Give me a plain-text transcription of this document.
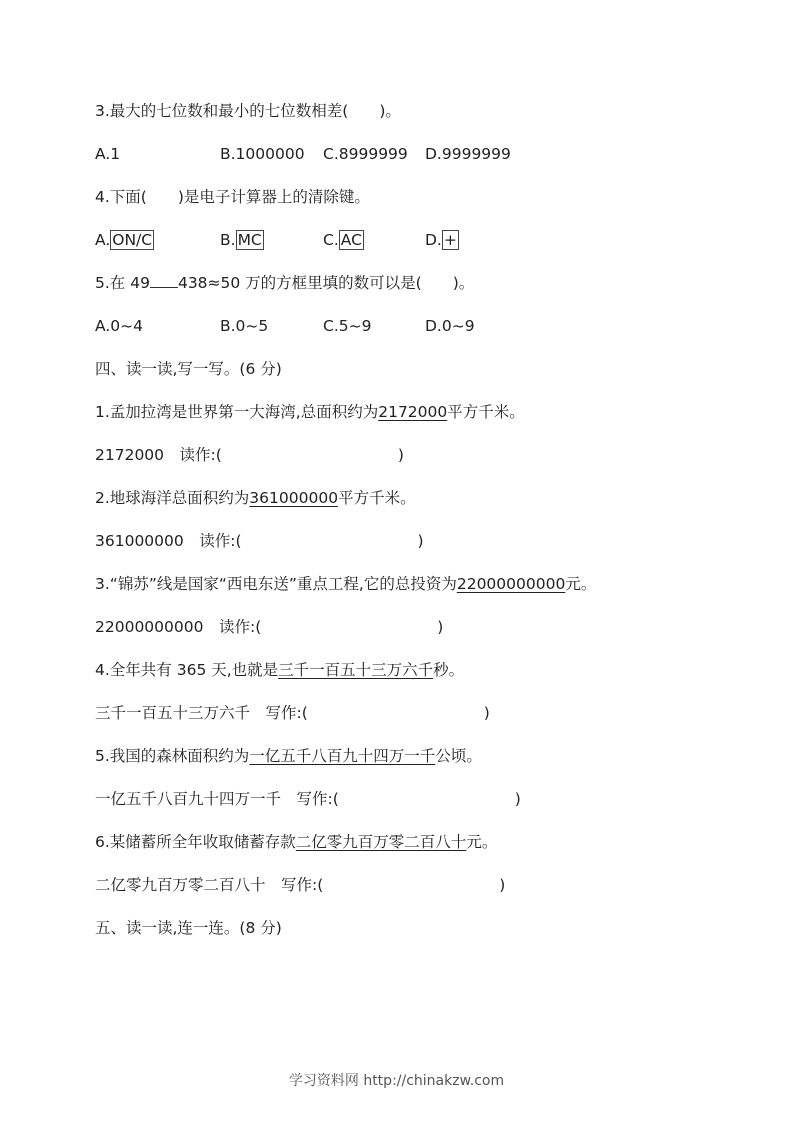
3.最大的七位数和最小的七位数相差(　　)。
A.1	B.1000000 C.8999999 D.9999999
4.下面(　　)是电子计算器上的清除键。
A. ON/C	B. MC	C. AC	D. +
5.在 49 438≈50 万的方框里填的数可以是(　　)。
A.0~4	B.0~5	C.5~9	D.0~9
四、读一读,写一写。(6 分)
1.孟加拉湾是世界第一大海湾,总面积约为2172000平方千米。
2172000　读作:(	)
2.地球海洋总面积约为361000000平方千米。
361000000　读作:(	)
3.“锦苏”线是国家“西电东送”重点工程,它的总投资为22000000000元。
22000000000　读作:(	)
4.全年共有 365 天,也就是三千一百五十三万六千秒。
三千一百五十三万六千　写作:(	)
5.我国的森林面积约为一亿五千八百九十四万一千公顷。
一亿五千八百九十四万一千　写作:(	)
6.某储蓄所全年收取储蓄存款二亿零九百万零二百八十元。
二亿零九百万零二百八十　写作:(	)
五、读一读,连一连。(8 分)
学习资料网 http://chinakzw.com
